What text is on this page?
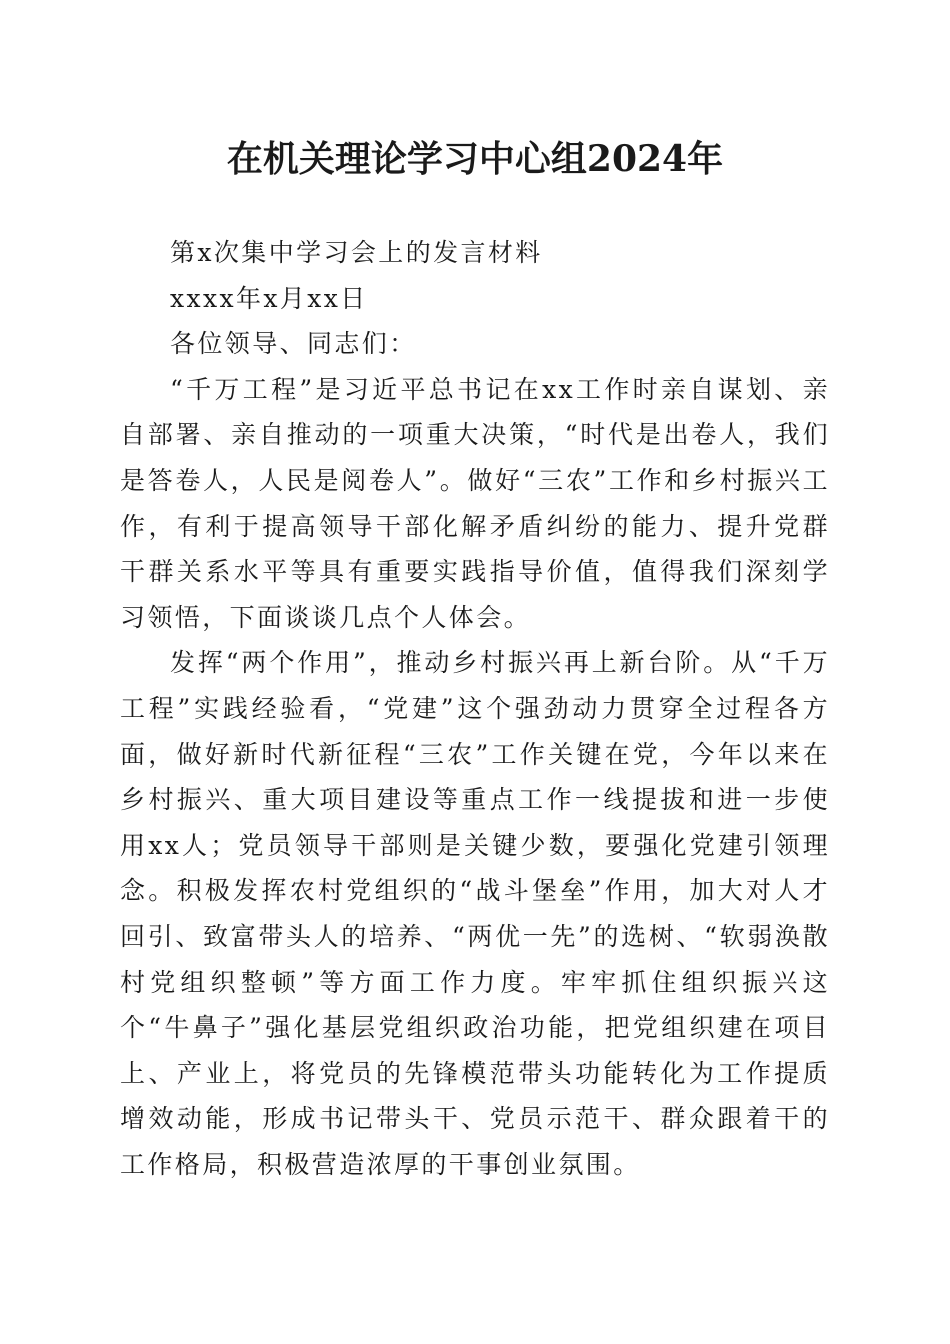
在机关理论学习中心组2024年

第x次集中学习会上的发言材料

xxxx年x月xx日

各位领导、同志们：

“千万工程”是习近平总书记在xx工作时亲自谋划、亲自部署、亲自推动的一项重大决策，“时代是出卷人，我们是答卷人，人民是阅卷人”。做好“三农”工作和乡村振兴工作，有利于提高领导干部化解矛盾纠纷的能力、提升党群干群关系水平等具有重要实践指导价值，值得我们深刻学习领悟，下面谈谈几点个人体会。

发挥“两个作用”，推动乡村振兴再上新台阶。从“千万工程”实践经验看，“党建”这个强劲动力贯穿全过程各方面，做好新时代新征程“三农”工作关键在党，今年以来在乡村振兴、重大项目建设等重点工作一线提拔和进一步使用xx人；党员领导干部则是关键少数，要强化党建引领理念。积极发挥农村党组织的“战斗堡垒”作用，加大对人才回引、致富带头人的培养、“两优一先”的选树、“软弱涣散村党组织整顿”等方面工作力度。牢牢抓住组织振兴这个“牛鼻子”强化基层党组织政治功能，把党组织建在项目上、产业上，将党员的先锋模范带头功能转化为工作提质增效动能，形成书记带头干、党员示范干、群众跟着干的工作格局，积极营造浓厚的干事创业氛围。
